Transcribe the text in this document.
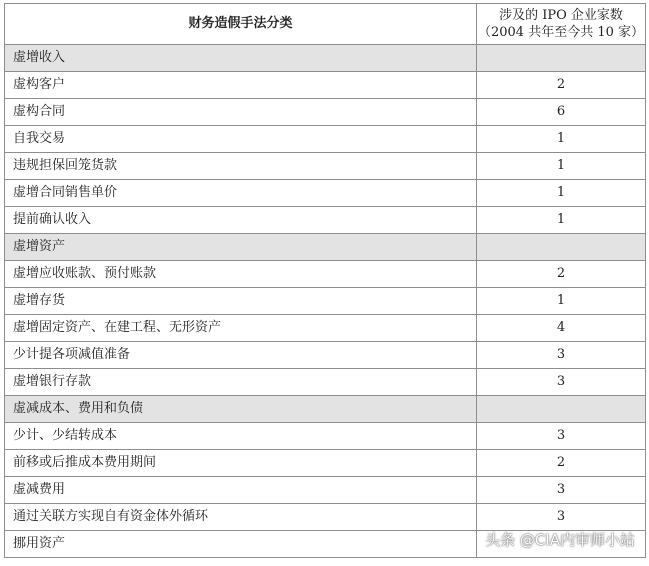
财务造假手法分类	涉及的 IPO 企业家数
（2004 共年至今共 10 家）

虚增收入	
虚构客户	2
虚构合同	6
自我交易	1
违规担保回笼货款	1
虚增合同销售单价	1
提前确认收入	1
虚增资产	
虚增应收账款、预付账款	2
虚增存货	1
虚增固定资产、在建工程、无形资产	4
少计提各项减值准备	3
虚增银行存款	3
虚减成本、费用和负债	
少计、少结转成本	3
前移或后推成本费用期间	2
虚减费用	3
通过关联方实现自有资金体外循环	3
挪用资产		头条 @CIA内审师小站
